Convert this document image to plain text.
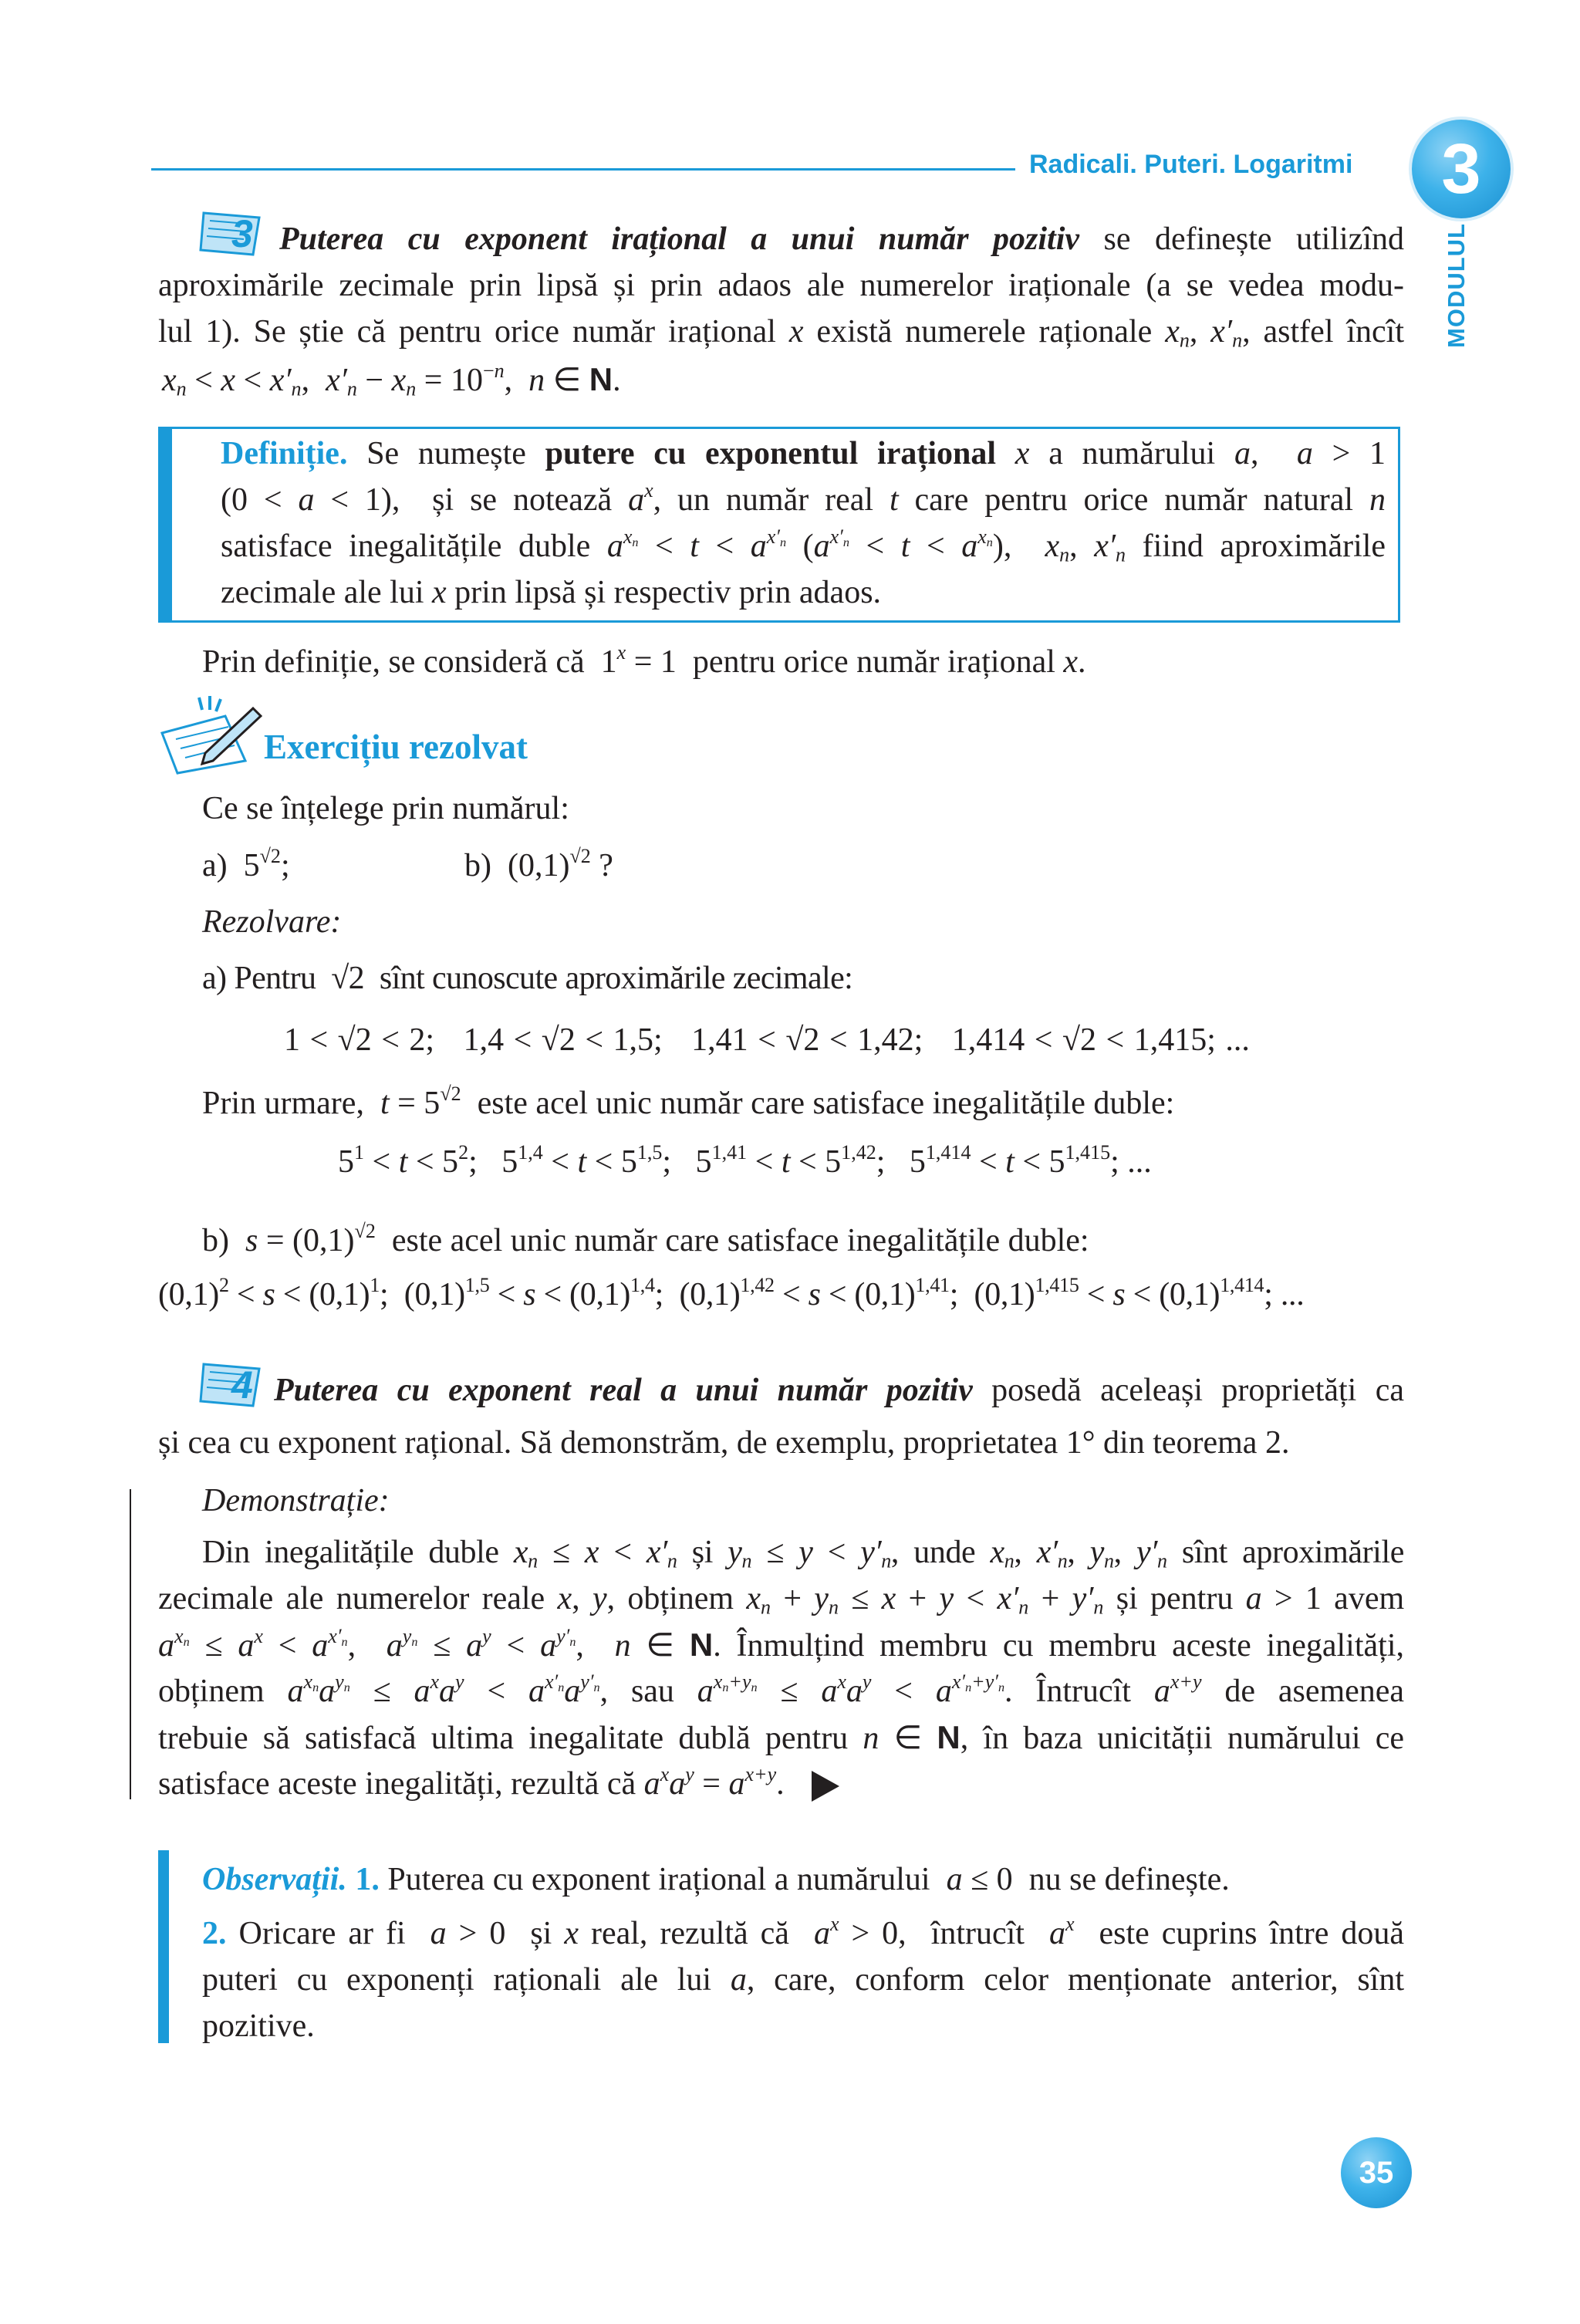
Radicali. Puteri. Logaritmi	3
MODULUL
3 Puterea cu exponent irațional a unui număr pozitiv se definește utilizînd
aproximările zecimale prin lipsă și prin adaos ale numerelor iraționale (a se vedea modu-
lul 1). Se știe că pentru orice număr irațional x există numerele raționale $x_n$, $x'_n$, astfel încît
$x_n < x < x'_n$,  $x'_n - x_n = 10^{-n}$,  n ∈ N.
Definiție. Se numește putere cu exponentul irațional x a numărului a,  a > 1
(0 < a < 1),  și se notează $a^x$, un număr real t care pentru orice număr natural n
satisface inegalitățile duble $a^{x_n} < t < a^{x'_n}$ $(a^{x'_n} < t < a^{x_n})$,  $x_n$, $x'_n$ fiind aproximările
zecimale ale lui x prin lipsă și respectiv prin adaos.
Prin definiție, se consideră că  $1^x = 1$  pentru orice număr irațional x.
Exercițiu rezolvat
Ce se înțelege prin numărul:
a)  $5^{√2}$;	b)  $(0,1)^{√2}$ ?
Rezolvare:
a) Pentru  √2  sînt cunoscute aproximările zecimale:
1 < √2 < 2;   1,4 < √2 < 1,5;   1,41 < √2 < 1,42;   1,414 < √2 < 1,415; ...
Prin urmare, $t = 5^{√2}$ este acel unic număr care satisface inegalitățile duble:
$5^1 < t < 5^2$;   $5^{1,4} < t < 5^{1,5}$;   $5^{1,41} < t < 5^{1,42}$;   $5^{1,414} < t < 5^{1,415}$; ...
b)  $s = (0,1)^{√2}$ este acel unic număr care satisface inegalitățile duble:
$(0,1)^2 < s < (0,1)^1$;  $(0,1)^{1,5} < s < (0,1)^{1,4}$;  $(0,1)^{1,42} < s < (0,1)^{1,41}$;  $(0,1)^{1,415} < s < (0,1)^{1,414}$; ...
4 Puterea cu exponent real a unui număr pozitiv posedă aceleași proprietăți ca
și cea cu exponent rațional. Să demonstrăm, de exemplu, proprietatea 1° din teorema 2.
Demonstrație:
Din inegalitățile duble $x_n \le x < x'_n$ și $y_n \le y < y'_n$, unde $x_n$, $x'_n$, $y_n$, $y'_n$ sînt aproximările
zecimale ale numerelor reale x, y, obținem $x_n + y_n \le x + y < x'_n + y'_n$ și pentru a > 1 avem
$a^{x_n} \le a^x < a^{x'_n}$,  $a^{y_n} \le a^y < a^{y'_n}$,  n ∈ N. Înmulțind membru cu membru aceste inegalități,
obținem $a^{x_n}a^{y_n} \le a^xa^y < a^{x'_n}a^{y'_n}$, sau $a^{x_n+y_n} \le a^xa^y < a^{x'_n+y'_n}$. Întrucît $a^{x+y}$ de asemenea
trebuie să satisfacă ultima inegalitate dublă pentru n ∈ N, în baza unicității numărului ce
satisface aceste inegalități, rezultă că $a^xa^y = a^{x+y}$.
Observații. 1. Puterea cu exponent irațional a numărului a ≤ 0  nu se definește.
2. Oricare ar fi a > 0  și x real, rezultă că $a^x > 0$,  întrucît $a^x$ este cuprins între două
puteri cu exponenți raționali ale lui a, care, conform celor menționate anterior, sînt
pozitive.
35
